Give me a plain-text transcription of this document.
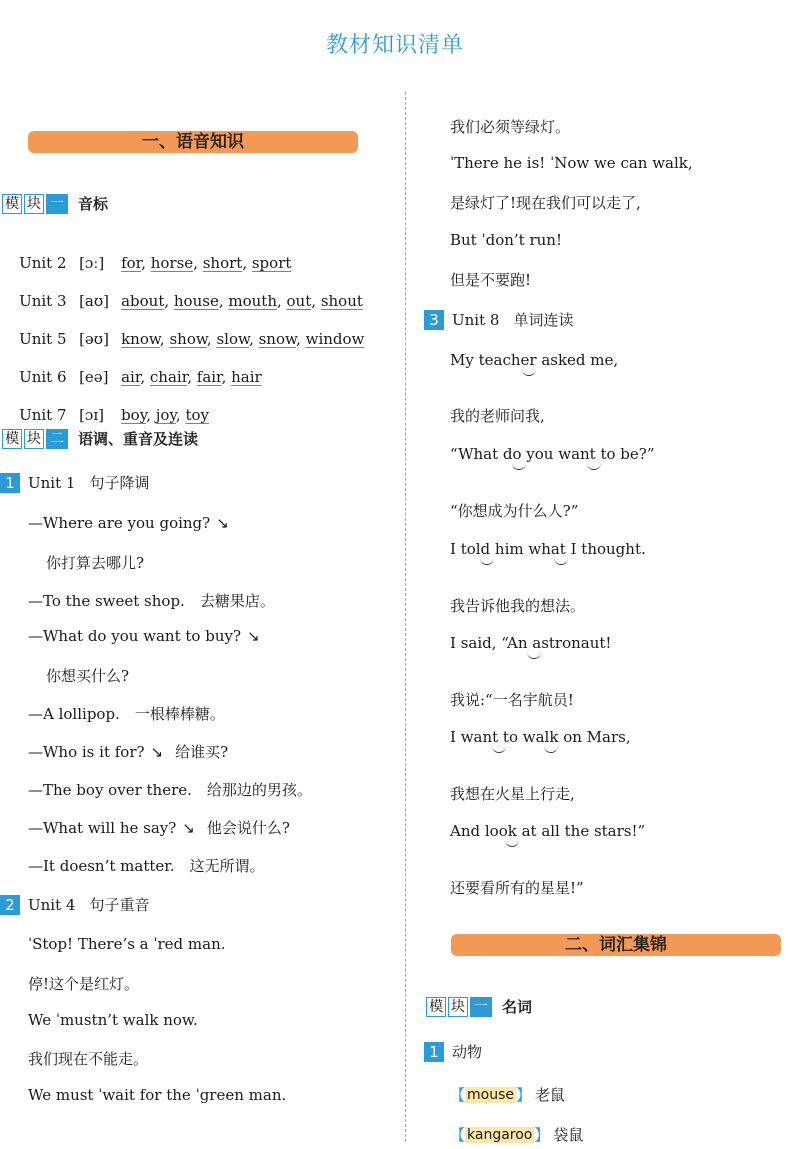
教材知识清单
一、语音知识
模 块 一 音标

Unit 2 [ɔː] for, horse, short, sport

Unit 3 [aʊ] about, house, mouth, out, shout

Unit 5 [əʊ] know, show, slow, snow, window

Unit 6 [eə] air, chair, fair, hair

Unit 7 [ɔɪ] boy, joy, toy

模 块 二 语调、重音及连读
1 Unit 1 句子降调
—Where are you going? ↘
你打算去哪儿?
—To the sweet shop.　去糖果店。
—What do you want to buy? ↘
你想买什么?
—A lollipop.　一根棒棒糖。
—Who is it for? ↘ 给谁买?
—The boy over there.　给那边的男孩。
—What will he say? ↘ 他会说什么?
—It doesn’t matter.　这无所谓。
2 Unit 4 句子重音
ˈStop! There’s a ˈred man.
停!这个是红灯。
We ˈmustn’t walk now.
我们现在不能走。
We must ˈwait for the ˈgreen man.
我们必须等绿灯。
ˈThere he is! ˈNow we can walk,
是绿灯了!现在我们可以走了,
But ˈdon’t run!
但是不要跑!
3 Unit 8 单词连读
My teacher asked me,
我的老师问我,
“What do you want to be?”
“你想成为什么人?”
I told him what I thought.
我告诉他我的想法。
I said, “An astronaut!
我说:“一名宇航员!
I want to walk on Mars,
我想在火星上行走,
And look at all the stars!”
还要看所有的星星!”
二、词汇集锦
模 块 一 名词
1 动物
【 mouse 】 老鼠
【 kangaroo 】 袋鼠
